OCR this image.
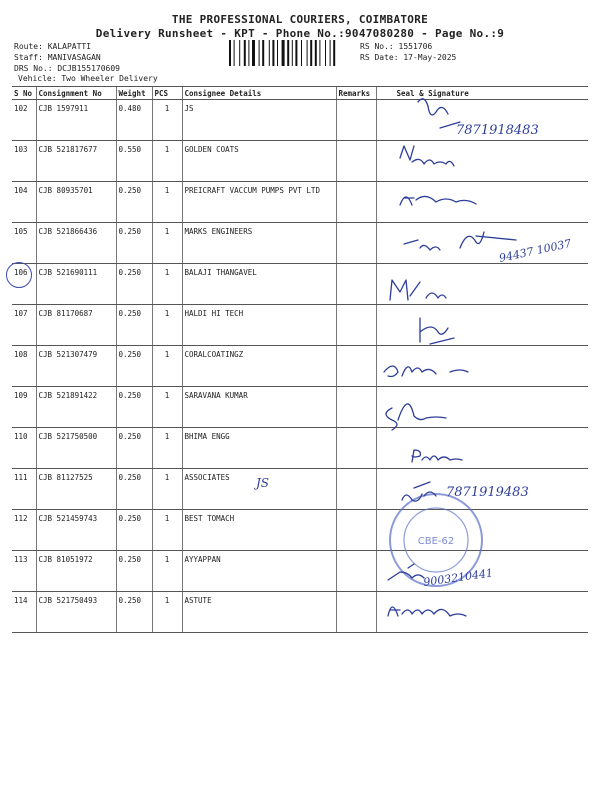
THE PROFESSIONAL COURIERS, COIMBATORE
Delivery Runsheet - KPT - Phone No.:9047080280 - Page No.:9
Route: KALAPATTI
Staff: MANIVASAGAN
DRS No.: DCJB155170609
Vehicle: Two Wheeler Delivery
RS No.: 1551706
RS Date: 17-May-2025
S No	Consignment No	Weight	PCS	Consignee Details	Remarks	Seal & Signature
102	CJB 1597911	0.480	1	JS		
103	CJB 521817677	0.550	1	GOLDEN COATS		
104	CJB 80935701	0.250	1	PREICRAFT VACCUM PUMPS PVT LTD		
105	CJB 521866436	0.250	1	MARKS ENGINEERS		
106	CJB 521690111	0.250	1	BALAJI THANGAVEL		
107	CJB 81170687	0.250	1	HALDI HI TECH		
108	CJB 521307479	0.250	1	CORALCOATINGZ		
109	CJB 521891422	0.250	1	SARAVANA KUMAR		
110	CJB 521750500	0.250	1	BHIMA ENGG		
111	CJB 81127525	0.250	1	ASSOCIATES		
112	CJB 521459743	0.250	1	BEST TOMACH		
113	CJB 81051972	0.250	1	AYYAPPAN		
114	CJB 521750493	0.250	1	ASTUTE		
JS
CBE-62
7871918483
94437 10037
7871919483
9003210441
